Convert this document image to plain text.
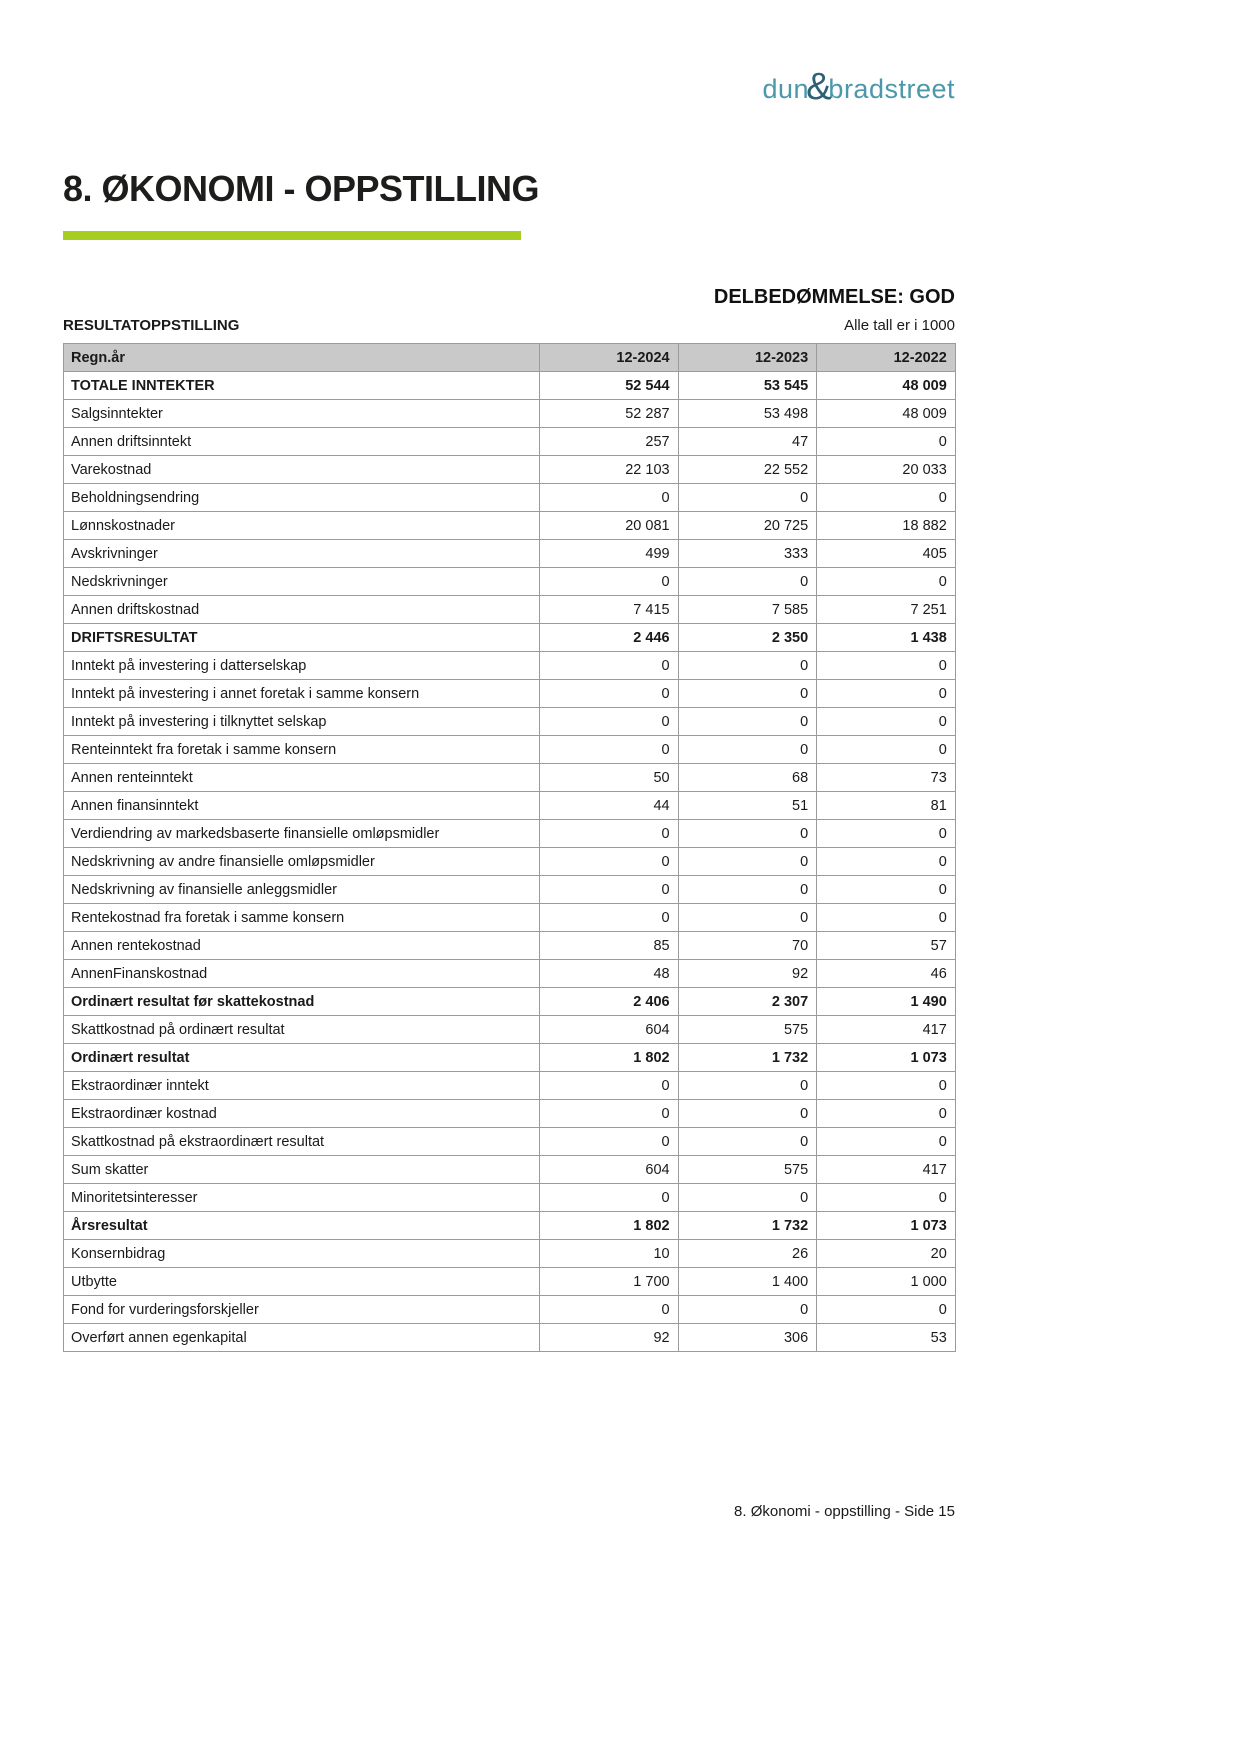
dun&bradstreet
8. ØKONOMI - OPPSTILLING
DELBEDØMMELSE: GOD
RESULTATOPPSTILLING	Alle tall er i 1000
Regn.år	12-2024	12-2023	12-2022
TOTALE INNTEKTER	52 544	53 545	48 009
Salgsinntekter	52 287	53 498	48 009
Annen driftsinntekt	257	47	0
Varekostnad	22 103	22 552	20 033
Beholdningsendring	0	0	0
Lønnskostnader	20 081	20 725	18 882
Avskrivninger	499	333	405
Nedskrivninger	0	0	0
Annen driftskostnad	7 415	7 585	7 251
DRIFTSRESULTAT	2 446	2 350	1 438
Inntekt på investering i datterselskap	0	0	0
Inntekt på investering i annet foretak i samme konsern	0	0	0
Inntekt på investering i tilknyttet selskap	0	0	0
Renteinntekt fra foretak i samme konsern	0	0	0
Annen renteinntekt	50	68	73
Annen finansinntekt	44	51	81
Verdiendring av markedsbaserte finansielle omløpsmidler	0	0	0
Nedskrivning av andre finansielle omløpsmidler	0	0	0
Nedskrivning av finansielle anleggsmidler	0	0	0
Rentekostnad fra foretak i samme konsern	0	0	0
Annen rentekostnad	85	70	57
AnnenFinanskostnad	48	92	46
Ordinært resultat før skattekostnad	2 406	2 307	1 490
Skattkostnad på ordinært resultat	604	575	417
Ordinært resultat	1 802	1 732	1 073
Ekstraordinær inntekt	0	0	0
Ekstraordinær kostnad	0	0	0
Skattkostnad på ekstraordinært resultat	0	0	0
Sum skatter	604	575	417
Minoritetsinteresser	0	0	0
Årsresultat	1 802	1 732	1 073
Konsernbidrag	10	26	20
Utbytte	1 700	1 400	1 000
Fond for vurderingsforskjeller	0	0	0
Overført annen egenkapital	92	306	53
8. Økonomi - oppstilling - Side 15
